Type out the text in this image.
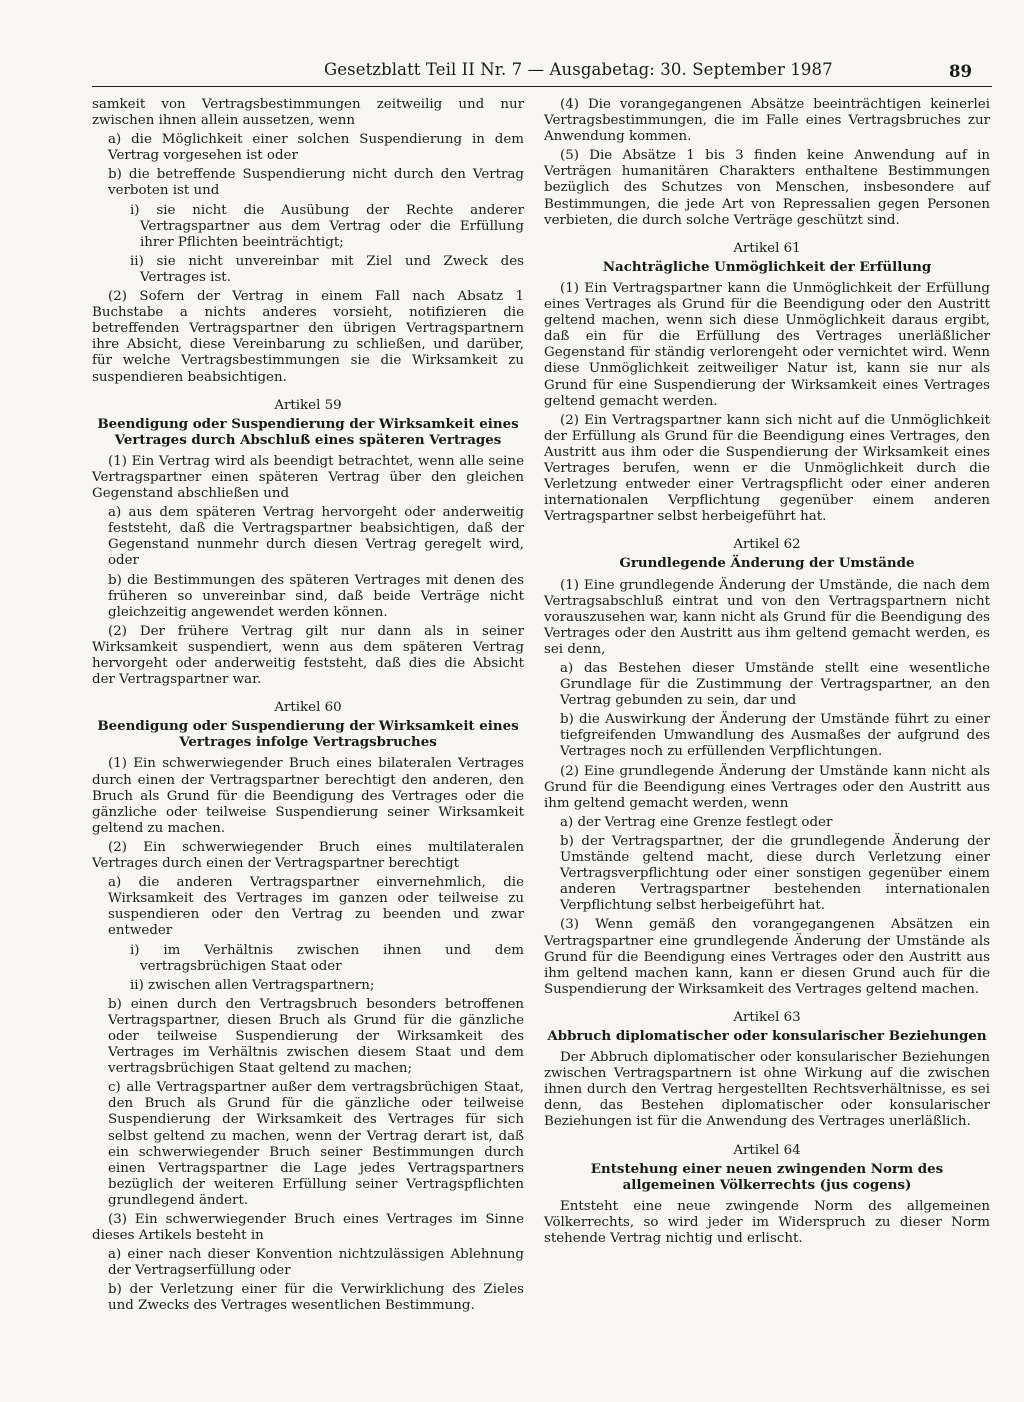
Gesetzblatt Teil II Nr. 7 — Ausgabetag: 30. September 1987	89

samkeit von Vertragsbestimmungen zeitweilig und nur zwischen ihnen allein aussetzen, wenn

a) die Möglichkeit einer solchen Suspendierung in dem Vertrag vorgesehen ist oder

b) die betreffende Suspendierung nicht durch den Vertrag verboten ist und

i) sie nicht die Ausübung der Rechte anderer Vertragspartner aus dem Vertrag oder die Erfüllung ihrer Pflichten beeinträchtigt;

ii) sie nicht unvereinbar mit Ziel und Zweck des Vertrages ist.

(2) Sofern der Vertrag in einem Fall nach Absatz 1 Buchstabe a nichts anderes vorsieht, notifizieren die betreffenden Vertragspartner den übrigen Vertragspartnern ihre Absicht, diese Vereinbarung zu schließen, und darüber, für welche Vertragsbestimmungen sie die Wirksamkeit zu suspendieren beabsichtigen.

Artikel 59
Beendigung oder Suspendierung der Wirksamkeit eines Vertrages durch Abschluß eines späteren Vertrages

(1) Ein Vertrag wird als beendigt betrachtet, wenn alle seine Vertragspartner einen späteren Vertrag über den gleichen Gegenstand abschließen und

a) aus dem späteren Vertrag hervorgeht oder anderweitig feststeht, daß die Vertragspartner beabsichtigen, daß der Gegenstand nunmehr durch diesen Vertrag geregelt wird, oder

b) die Bestimmungen des späteren Vertrages mit denen des früheren so unvereinbar sind, daß beide Verträge nicht gleichzeitig angewendet werden können.

(2) Der frühere Vertrag gilt nur dann als in seiner Wirksamkeit suspendiert, wenn aus dem späteren Vertrag hervorgeht oder anderweitig feststeht, daß dies die Absicht der Vertragspartner war.

Artikel 60
Beendigung oder Suspendierung der Wirksamkeit eines Vertrages infolge Vertragsbruches

(1) Ein schwerwiegender Bruch eines bilateralen Vertrages durch einen der Vertragspartner berechtigt den anderen, den Bruch als Grund für die Beendigung des Vertrages oder die gänzliche oder teilweise Suspendierung seiner Wirksamkeit geltend zu machen.

(2) Ein schwerwiegender Bruch eines multilateralen Vertrages durch einen der Vertragspartner berechtigt

a) die anderen Vertragspartner einvernehmlich, die Wirksamkeit des Vertrages im ganzen oder teilweise zu suspendieren oder den Vertrag zu beenden und zwar entweder

i) im Verhältnis zwischen ihnen und dem vertragsbrüchigen Staat oder

ii) zwischen allen Vertragspartnern;

b) einen durch den Vertragsbruch besonders betroffenen Vertragspartner, diesen Bruch als Grund für die gänzliche oder teilweise Suspendierung der Wirksamkeit des Vertrages im Verhältnis zwischen diesem Staat und dem vertragsbrüchigen Staat geltend zu machen;

c) alle Vertragspartner außer dem vertragsbrüchigen Staat, den Bruch als Grund für die gänzliche oder teilweise Suspendierung der Wirksamkeit des Vertrages für sich selbst geltend zu machen, wenn der Vertrag derart ist, daß ein schwerwiegender Bruch seiner Bestimmungen durch einen Vertragspartner die Lage jedes Vertragspartners bezüglich der weiteren Erfüllung seiner Vertragspflichten grundlegend ändert.

(3) Ein schwerwiegender Bruch eines Vertrages im Sinne dieses Artikels besteht in

a) einer nach dieser Konvention nichtzulässigen Ablehnung der Vertragserfüllung oder

b) der Verletzung einer für die Verwirklichung des Zieles und Zwecks des Vertrages wesentlichen Bestimmung.

(4) Die vorangegangenen Absätze beeinträchtigen keinerlei Vertragsbestimmungen, die im Falle eines Vertragsbruches zur Anwendung kommen.

(5) Die Absätze 1 bis 3 finden keine Anwendung auf in Verträgen humanitären Charakters enthaltene Bestimmungen bezüglich des Schutzes von Menschen, insbesondere auf Bestimmungen, die jede Art von Repressalien gegen Personen verbieten, die durch solche Verträge geschützt sind.

Artikel 61
Nachträgliche Unmöglichkeit der Erfüllung

(1) Ein Vertragspartner kann die Unmöglichkeit der Erfüllung eines Vertrages als Grund für die Beendigung oder den Austritt geltend machen, wenn sich diese Unmöglichkeit daraus ergibt, daß ein für die Erfüllung des Vertrages unerläßlicher Gegenstand für ständig verlorengeht oder vernichtet wird. Wenn diese Unmöglichkeit zeitweiliger Natur ist, kann sie nur als Grund für eine Suspendierung der Wirksamkeit eines Vertrages geltend gemacht werden.

(2) Ein Vertragspartner kann sich nicht auf die Unmöglichkeit der Erfüllung als Grund für die Beendigung eines Vertrages, den Austritt aus ihm oder die Suspendierung der Wirksamkeit eines Vertrages berufen, wenn er die Unmöglichkeit durch die Verletzung entweder einer Vertragspflicht oder einer anderen internationalen Verpflichtung gegenüber einem anderen Vertragspartner selbst herbeigeführt hat.

Artikel 62
Grundlegende Änderung der Umstände

(1) Eine grundlegende Änderung der Umstände, die nach dem Vertragsabschluß eintrat und von den Vertragspartnern nicht vorauszusehen war, kann nicht als Grund für die Beendigung des Vertrages oder den Austritt aus ihm geltend gemacht werden, es sei denn,

a) das Bestehen dieser Umstände stellt eine wesentliche Grundlage für die Zustimmung der Vertragspartner, an den Vertrag gebunden zu sein, dar und

b) die Auswirkung der Änderung der Umstände führt zu einer tiefgreifenden Umwandlung des Ausmaßes der aufgrund des Vertrages noch zu erfüllenden Verpflichtungen.

(2) Eine grundlegende Änderung der Umstände kann nicht als Grund für die Beendigung eines Vertrages oder den Austritt aus ihm geltend gemacht werden, wenn

a) der Vertrag eine Grenze festlegt oder

b) der Vertragspartner, der die grundlegende Änderung der Umstände geltend macht, diese durch Verletzung einer Vertragsverpflichtung oder einer sonstigen gegenüber einem anderen Vertragspartner bestehenden internationalen Verpflichtung selbst herbeigeführt hat.

(3) Wenn gemäß den vorangegangenen Absätzen ein Vertragspartner eine grundlegende Änderung der Umstände als Grund für die Beendigung eines Vertrages oder den Austritt aus ihm geltend machen kann, kann er diesen Grund auch für die Suspendierung der Wirksamkeit des Vertrages geltend machen.

Artikel 63
Abbruch diplomatischer oder konsularischer Beziehungen

Der Abbruch diplomatischer oder konsularischer Beziehungen zwischen Vertragspartnern ist ohne Wirkung auf die zwischen ihnen durch den Vertrag hergestellten Rechtsverhältnisse, es sei denn, das Bestehen diplomatischer oder konsularischer Beziehungen ist für die Anwendung des Vertrages unerläßlich.

Artikel 64
Entstehung einer neuen zwingenden Norm des allgemeinen Völkerrechts (jus cogens)

Entsteht eine neue zwingende Norm des allgemeinen Völkerrechts, so wird jeder im Widerspruch zu dieser Norm stehende Vertrag nichtig und erlischt.
